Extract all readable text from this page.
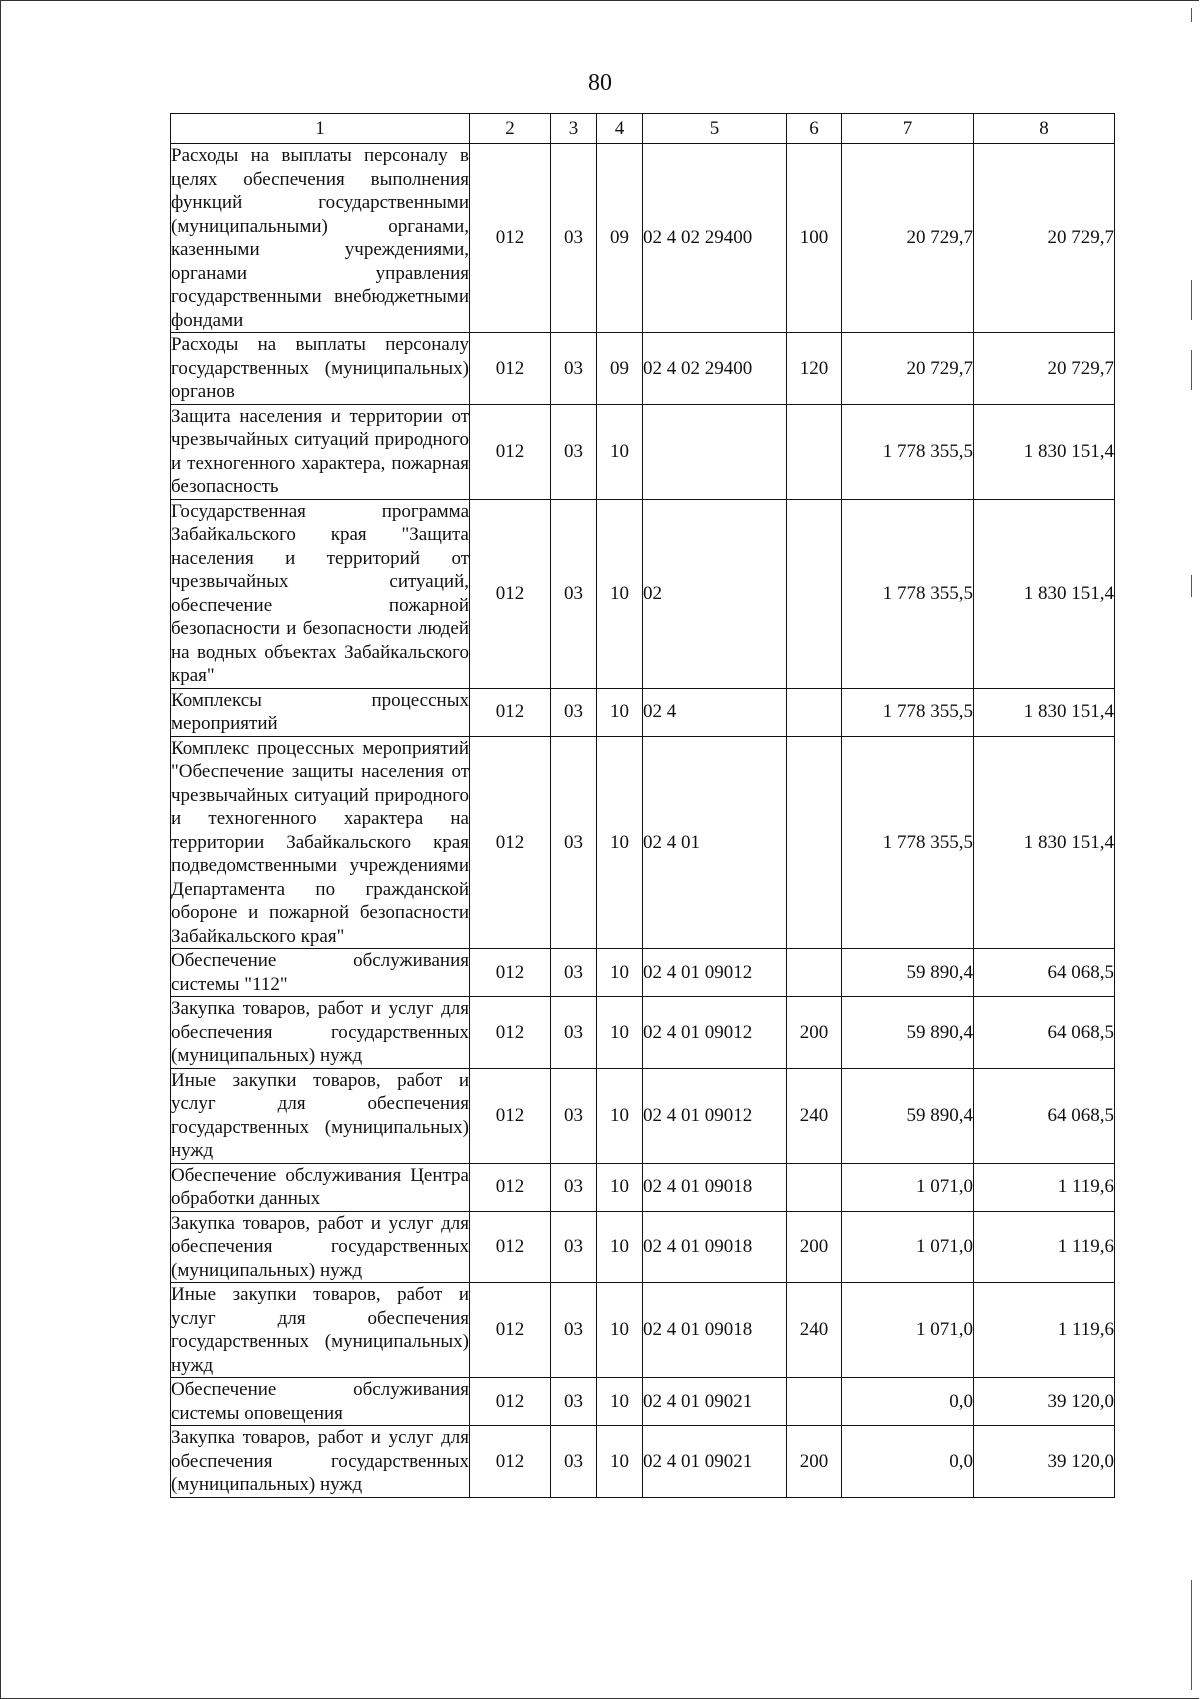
80
1	2	3	4	5	6	7	8
Расходы на выплаты персоналу в целях обеспечения выполнения функций государственными (муниципальными) органами, казенными учреждениями, органами управления государственными внебюджетными фондами	012	03	09	02 4 02 29400	100	20 729,7	20 729,7
Расходы на выплаты персоналу государственных (муниципальных) органов	012	03	09	02 4 02 29400	120	20 729,7	20 729,7
Защита населения и территории от чрезвычайных ситуаций природного и техногенного характера, пожарная безопасность	012	03	10			1 778 355,5	1 830 151,4
Государственная программа Забайкальского края "Защита населения и территорий от чрезвычайных ситуаций, обеспечение пожарной безопасности и безопасности людей на водных объектах Забайкальского края"	012	03	10	02		1 778 355,5	1 830 151,4
Комплексы процессных мероприятий	012	03	10	02 4		1 778 355,5	1 830 151,4
Комплекс процессных мероприятий "Обеспечение защиты населения от чрезвычайных ситуаций природного и техногенного характера на территории Забайкальского края подведомственными учреждениями Департамента по гражданской обороне и пожарной безопасности Забайкальского края"	012	03	10	02 4 01		1 778 355,5	1 830 151,4
Обеспечение обслуживания системы "112"	012	03	10	02 4 01 09012		59 890,4	64 068,5
Закупка товаров, работ и услуг для обеспечения государственных (муниципальных) нужд	012	03	10	02 4 01 09012	200	59 890,4	64 068,5
Иные закупки товаров, работ и услуг для обеспечения государственных (муниципальных) нужд	012	03	10	02 4 01 09012	240	59 890,4	64 068,5
Обеспечение обслуживания Центра обработки данных	012	03	10	02 4 01 09018		1 071,0	1 119,6
Закупка товаров, работ и услуг для обеспечения государственных (муниципальных) нужд	012	03	10	02 4 01 09018	200	1 071,0	1 119,6
Иные закупки товаров, работ и услуг для обеспечения государственных (муниципальных) нужд	012	03	10	02 4 01 09018	240	1 071,0	1 119,6
Обеспечение обслуживания системы оповещения	012	03	10	02 4 01 09021		0,0	39 120,0
Закупка товаров, работ и услуг для обеспечения государственных (муниципальных) нужд	012	03	10	02 4 01 09021	200	0,0	39 120,0
